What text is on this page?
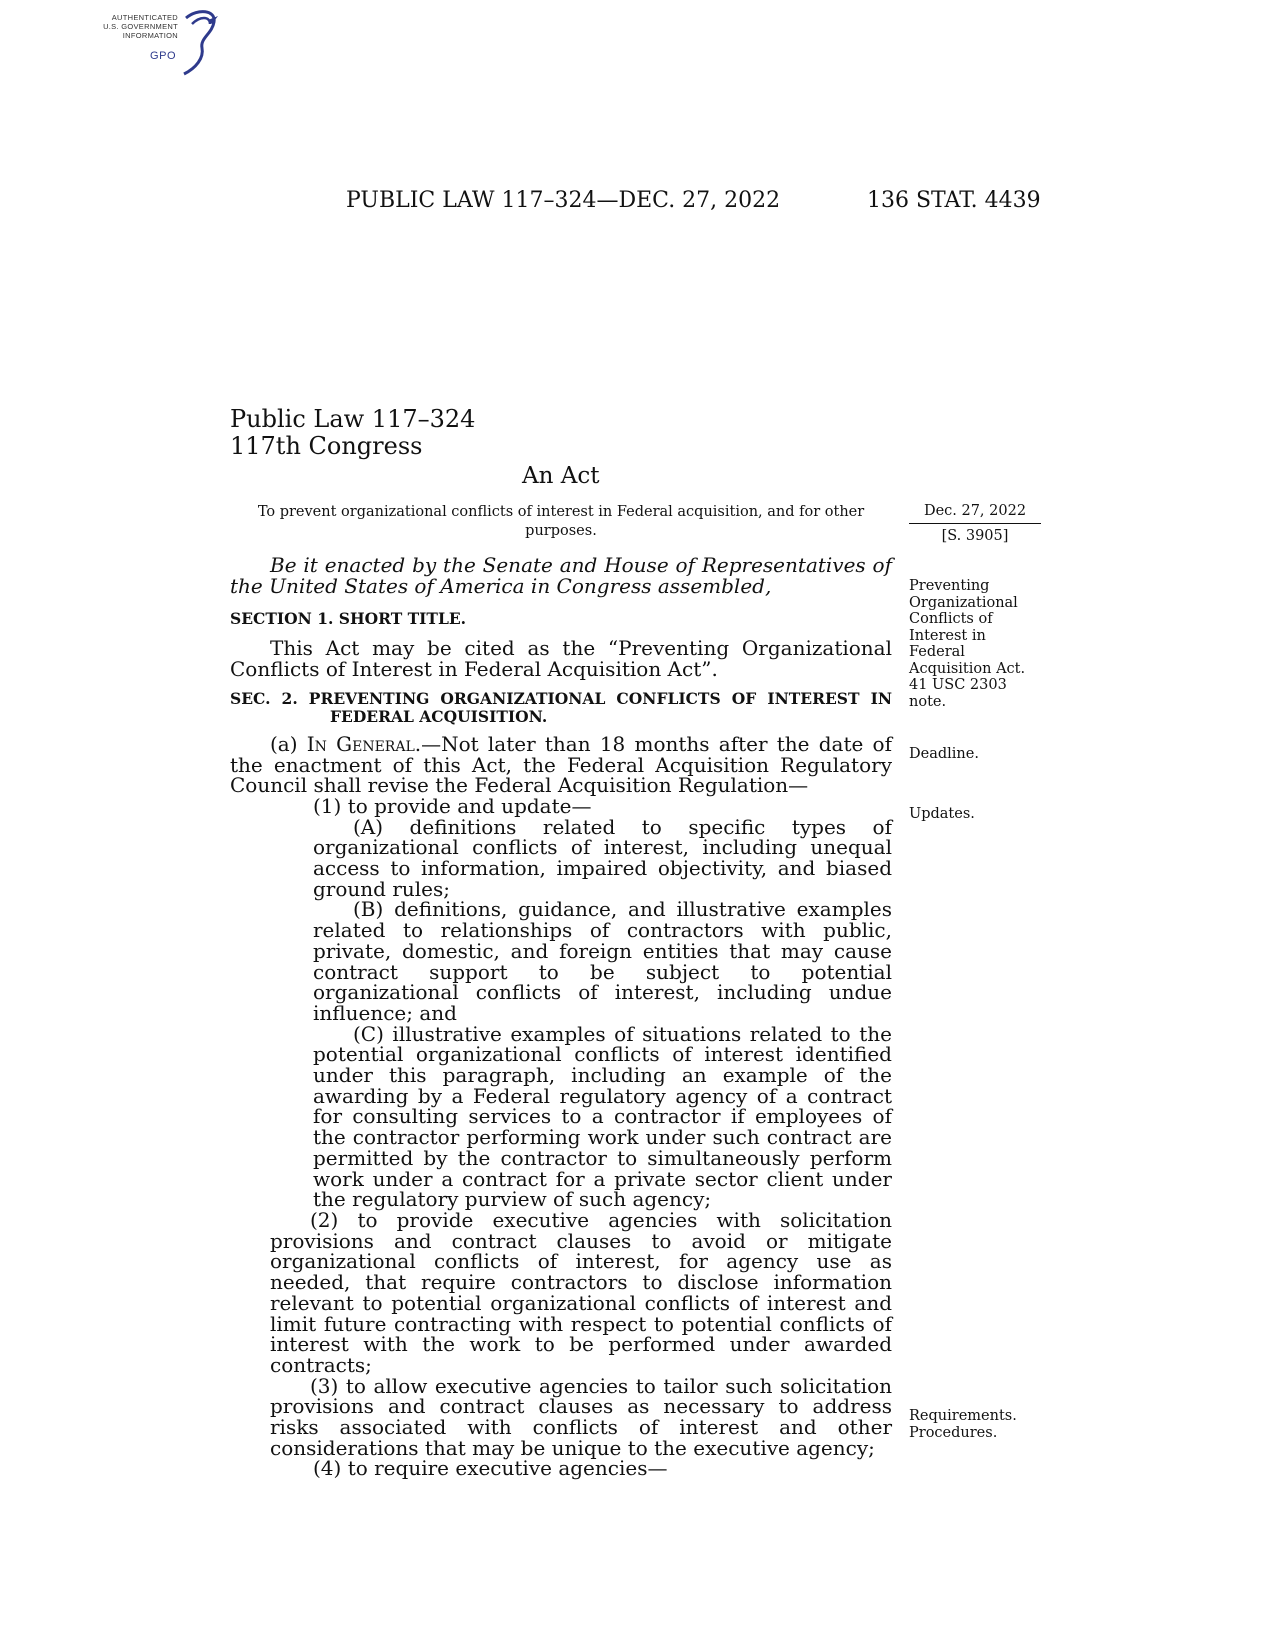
AUTHENTICATED
U.S. GOVERNMENT
INFORMATION
GPO
PUBLIC LAW 117–324—DEC. 27, 2022	136 STAT. 4439
Public Law 117–324
117th Congress
An Act
To prevent organizational conflicts of interest in Federal acquisition, and for other purposes.
Dec. 27, 2022
[S. 3905]

Be it enacted by the Senate and House of Representatives of the United States of America in Congress assembled,

SECTION 1. SHORT TITLE.

This Act may be cited as the “Preventing Organizational Conflicts of Interest in Federal Acquisition Act”.

SEC. 2. PREVENTING ORGANIZATIONAL CONFLICTS OF INTEREST IN FEDERAL ACQUISITION.

(a) In General.—Not later than 18 months after the date of the enactment of this Act, the Federal Acquisition Regulatory Council shall revise the Federal Acquisition Regulation—

(1) to provide and update—

(A) definitions related to specific types of organizational conflicts of interest, including unequal access to information, impaired objectivity, and biased ground rules;

(B) definitions, guidance, and illustrative examples related to relationships of contractors with public, private, domestic, and foreign entities that may cause contract support to be subject to potential organizational conflicts of interest, including undue influence; and

(C) illustrative examples of situations related to the potential organizational conflicts of interest identified under this paragraph, including an example of the awarding by a Federal regulatory agency of a contract for consulting services to a contractor if employees of the contractor performing work under such contract are permitted by the contractor to simultaneously perform work under a contract for a private sector client under the regulatory purview of such agency;

(2) to provide executive agencies with solicitation provisions and contract clauses to avoid or mitigate organizational conflicts of interest, for agency use as needed, that require contractors to disclose information relevant to potential organizational conflicts of interest and limit future contracting with respect to potential conflicts of interest with the work to be performed under awarded contracts;

(3) to allow executive agencies to tailor such solicitation provisions and contract clauses as necessary to address risks associated with conflicts of interest and other considerations that may be unique to the executive agency;

(4) to require executive agencies—

Preventing
Organizational
Conflicts of
Interest in
Federal
Acquisition Act.
41 USC 2303
note.
Deadline.
Updates.
Requirements.
Procedures.
